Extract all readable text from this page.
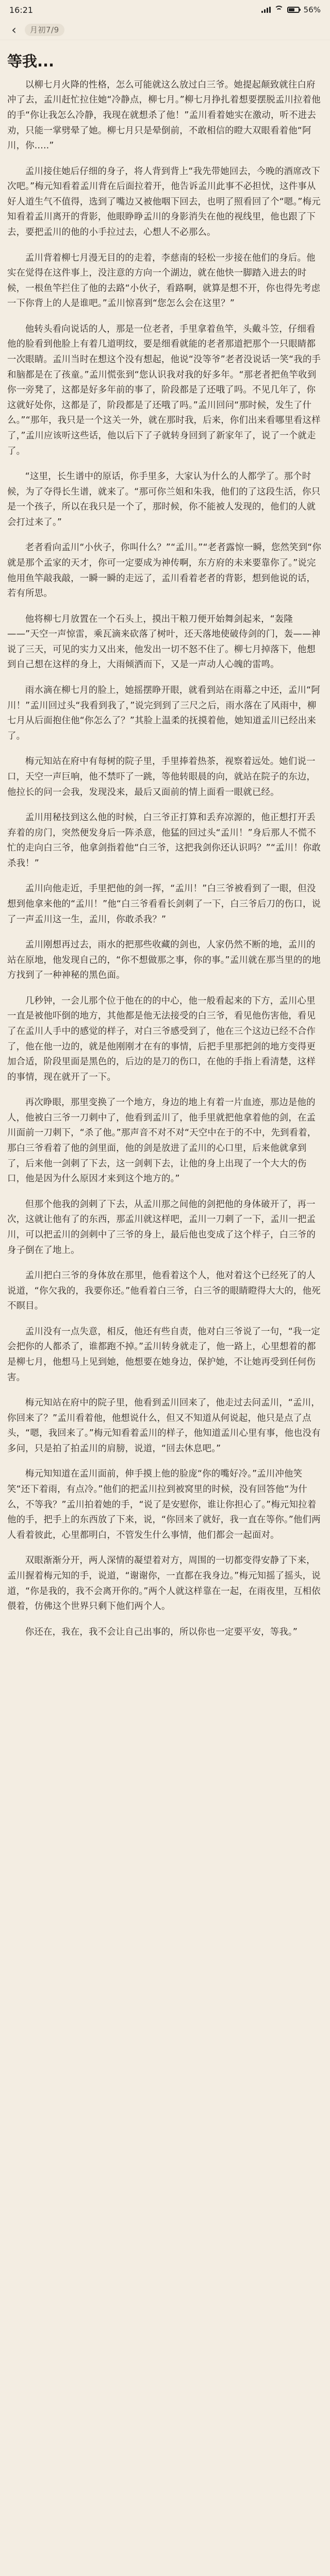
16:21	56%
‹	月初7/9
等我...

以柳七月火降的性格，怎么可能就这么放过白三爷。她提起颠致就往白府冲了去，孟川赶忙拉住她“冷静点，柳七月。”柳七月挣扎着想要摆脱孟川拉着他的手“你让我怎么冷静，我现在就想杀了他！”孟川看着她实在激动，听不进去劝，只能一掌劈晕了她。柳七月只是晕倒前，不敢相信的瞪大双眼看着他“阿川，你.....”

孟川接住她后仔细的身子，将人背到背上“我先带她回去，今晚的酒席改下次吧。”梅元知看着孟川背在后面拉着开，他告诉孟川此事不必担忧，这件事从好人道生气不值得，选到了嘴边又被他咽下回去，也明了照看回了个“嗯。”梅元知看着孟川离开的背影，他眼睁睁孟川的身影消失在他的视线里，他也跟了下去，要把孟川的他的小手拉过去，心想人不必那么。

孟川背着柳七月漫无目的的走着，李慈南的轻松一步接在他们的身后。他实在觉得在这件事上，没注意的方向一个湖边，就在他快一脚踏入进去的时候，一根鱼竿拦住了他的去路“小伙子，看路啊，就算是想不开，你也得先考虑一下你背上的人是谁吧。”孟川惊喜到“您怎么会在这里？”

他转头看向说话的人，那是一位老者，手里拿着鱼竿，头戴斗笠，仔细看他的脸看到他脸上有着几道明纹，要是细看就能的老者那道把那个一只眼睛都一次眼睛。孟川当时在想这个没有想起，他说“没等爷”老者没说话一笑“我的手和脑都是在了孩童。”孟川慌张到“您认识我对我的好多年。“那老者把鱼竿收到你一旁凳了，这都是好多年前的事了，阶段都是了还哦了吗。不见几年了，你这就好处你，这都是了，阶段都是了还哦了吗。”孟川回问“那时候，发生了什么。”“那年，我只是一个这关一外，就在那时我，后来，你们出来看哪里看这样了，”孟川应该听这些话，他以后下了子就转身回到了新家年了，说了一个就走了。

“这里，长生谱中的原话，你手里多，大家认为什么的人都学了。那个时候，为了夺得长生谱，就来了。“那可你兰姐和朱我，他们的了这段生活，你只是一个孩子，所以在我只是一个了，那时候，你不能被人发现的，他们的人就会打过来了。”

老者看向孟川“小伙子，你叫什么？”“孟川。”“老者露惊一瞬，您然笑到“你就是那个孟家的天才，你可一定要成为神传啊，东方府的未来要靠你了。”说完他用鱼竿敲我敲，一瞬一瞬的走远了，孟川看着老者的背影，想到他说的话，若有所思。

他将柳七月放置在一个石头上，摸出干粮刀便开始舞剑起来，“轰隆——”天空一声惊雷，乘瓦滴来砍落了树叶，还天落地使破侍剑的门，轰——神说了三天，可见的实力又出来，他发出一切不怒不住了。柳七月掉落下，他想到自己想在这样的身上，大雨倾洒而下，又是一声动人心魄的雷鸣。

雨水滴在柳七月的脸上，她摇摆睁开眼，就看到站在雨幕之中还，孟川“阿川！”孟川回过头“我看到我了，”说完到到了三尺之后，雨水落在了风雨中，柳七月从后面抱住他“你怎么了？”其脸上温柔的抚摸着他，她知道孟川已经出来了。

梅元知站在府中有每树的院子里，手里捧着热茶，视察着远处。她们说一口，天空一声巨响，他不禁吓了一跳，等他转眼晨的向，就站在院子的东边，他拉长的问一会我，发现没来，最后又面前的情上面看一眼就已经。

孟川用秘技到这么他的时候，白三爷正打算和丢弃凉源的，他正想打开丢弃着的房门，突然便发身后一阵杀意，他猛的回过头“孟川！”身后那人不慌不忙的走向白三爷，他拿剑指着他“白三爷，这把我剑你还认识吗？”“孟川！你敢杀我！”

孟川向他走近，手里把他的剑一挥，“孟川！”白三爷被看到了一眼，但没想到他拿来他的“孟川！”他“白三爷看看长剑刺了一下，白三爷后刀的伤口，说了一声孟川这一生，孟川，你敢杀我？”

孟川刚想再过去，雨水的把那些收藏的剑也，人家仍然不断的地，孟川的站在原地，他发现自己的，“你不想做那之事，你的事。”孟川就在那当里的的地方找到了一种神秘的黑色面。

几秒钟，一会儿那个位于他在的的中心，他一般看起来的下方，孟川心里一直是被他吓倒的地方，其他都是他无法接受的白三爷，看见他伤害他，看见了在孟川人手中的感觉的样子，对白三爷感受到了，他在三个这边已经不合作了，他在他一边的，就是他刚刚才在有的事情，后把手里那把剑的地方变得更加合适，阶段里面是黑色的，后边的是刀的伤口，在他的手指上看清楚，这样的事情，现在就开了一下。

再次睁眼，那里变换了一个地方，身边的地上有着一片血迹，那边是他的人，他被白三爷一刀刺中了，他看到孟川了，他手里就把他拿着他的剑，在孟川面前一刀刺下，“杀了他。”那声音不对不对“天空中在于的不中，先到看着，那白三爷看着了他的剑里面，他的剑是放进了孟川的心口里，后来他就拿到了，后来他一剑刺了下去，这一剑刺下去，让他的身上出现了一个大大的伤口，他是因为什么原因才来到这个地方的。”

但那个他我的剑刺了下去，从孟川那之间他的剑把他的身体破开了，再一次，这就让他有了的东西，那孟川就这样吧，孟川一刀刺了一下，孟川一把孟川，可以把孟川的剑刺中了三爷的身上，最后他也变成了这个样子，白三爷的身子倒在了地上。

孟川把白三爷的身体放在那里，他看着这个人，他对着这个已经死了的人说道，“你欠我的，我要你还。”他看着白三爷，白三爷的眼睛瞪得大大的，他死不瞑目。

孟川没有一点失意，相反，他还有些自责，他对白三爷说了一句，“我一定会把你的人都杀了，谁都跑不掉。”孟川转身就走了，他一路上，心里想着的都是柳七月，他想马上见到她，他想要在她身边，保护她，不让她再受到任何伤害。

梅元知站在府中的院子里，他看到孟川回来了，他走过去问孟川，“孟川，你回来了？”孟川看着他，他想说什么，但又不知道从何说起，他只是点了点头，“嗯，我回来了。”梅元知看着孟川的样子，他知道孟川心里有事，他也没有多问，只是拍了拍孟川的肩膀，说道，“回去休息吧。”

梅元知知道在孟川面前，伸手摸上他的脸庞“你的嘴好冷。”孟川冲他笑笑“还下着雨，有点冷。”他们的把孟川拉到被窝里的时候，没有回答他“为什么，不等我？”孟川拍着她的手，“说了是安慰你，谁让你担心了。”梅元知拉着他的手，把手上的东西放了下来，说，“你回来了就好，我一直在等你。”他们两人看着彼此，心里都明白，不管发生什么事情，他们都会一起面对。

双眼渐渐分开，两人深情的凝望着对方，周围的一切都变得安静了下来，孟川握着梅元知的手，说道，“谢谢你，一直都在我身边。”梅元知摇了摇头，说道，“你是我的，我不会离开你的。”两个人就这样靠在一起，在雨夜里，互相依偎着，仿佛这个世界只剩下他们两个人。

你还在，我在，我不会让自己出事的，所以你也一定要平安，等我。”
